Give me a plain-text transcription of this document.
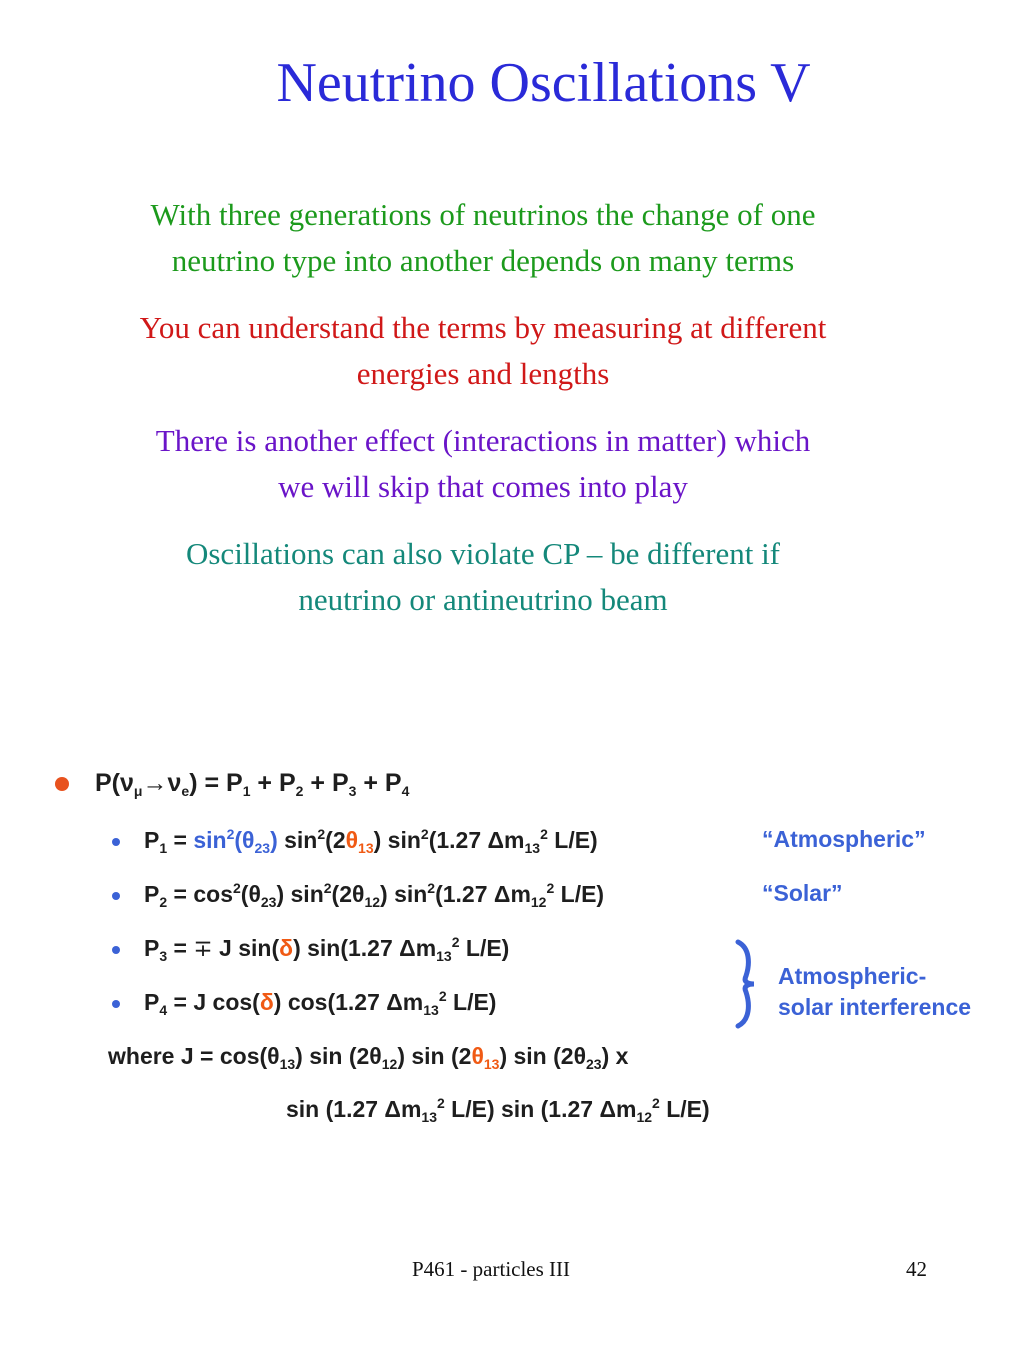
Neutrino Oscillations V
With three generations of neutrinos the change of one
neutrino type into another depends on many terms
You can understand the terms by measuring at different
energies and lengths
There is another effect (interactions in matter) which
we will skip that comes into play
Oscillations can also violate CP – be different if
neutrino or antineutrino beam
$P(\nu_\mu\to\nu_e) = P_1 + P_2 + P_3 + P_4$
$P_1 = \sin^2(\theta_{23})$ $\sin^2(2\theta_{13})$ $\sin^2(1.27$ $\Delta m_{13}^2$ L/E)	“Atmospheric”
$P_2 = \cos^2(\theta_{23})$ $\sin^2(2\theta_{12})$ $\sin^2(1.27$ $\Delta m_{12}^2$ L/E)	“Solar”
$P_3$ = ∓ J sin(δ) sin(1.27 $\Delta m_{13}^2$ L/E)
$P_4 = J$ cos(δ) cos(1.27 $\Delta m_{13}^2$ L/E)
Atmospheric-
solar interference
where $J = \cos(\theta_{13})$ $\sin (2\theta_{12})$ $\sin (2\theta_{13})$ $\sin (2\theta_{23})$ x
sin (1.27 $\Delta m_{13}^2$ L/E) sin (1.27 $\Delta m_{12}^2$ L/E)
P461 - particles III	42
